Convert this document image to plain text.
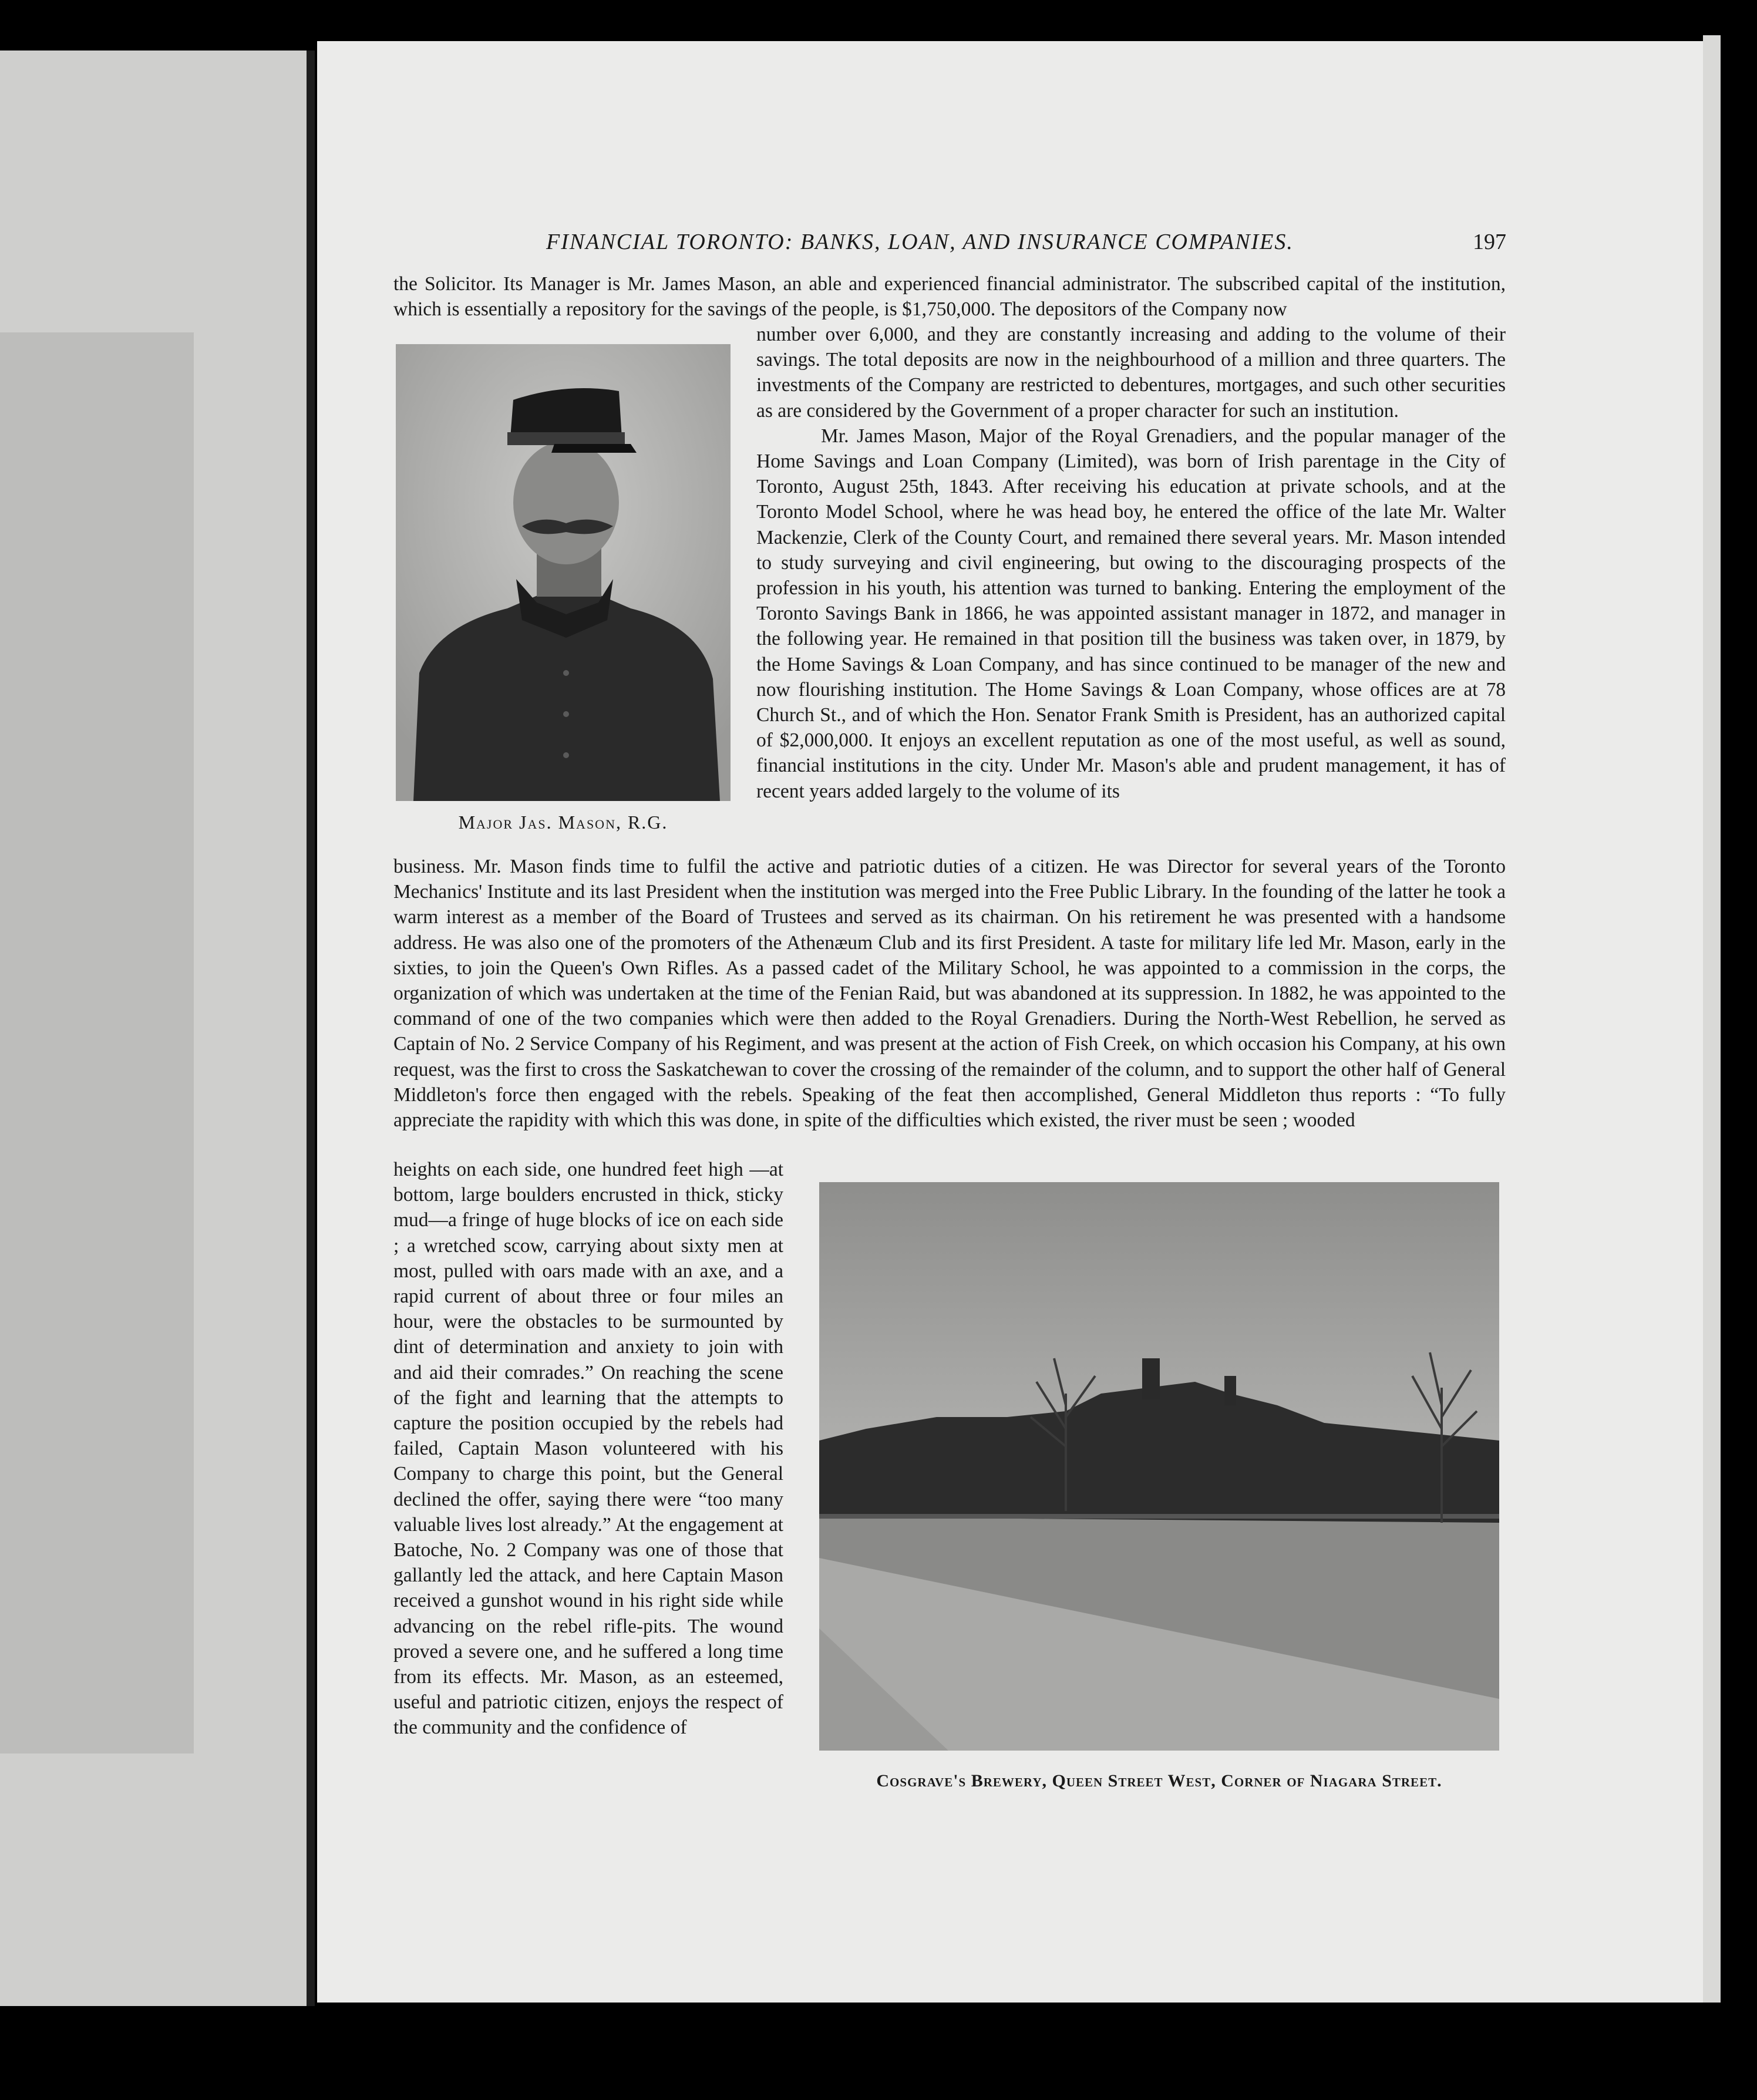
FINANCIAL TORONTO: BANKS, LOAN, AND INSURANCE COMPANIES.	197

the Solicitor. Its Manager is Mr. James Mason, an able and experienced financial administrator. The subscribed capital of the institution, which is essentially a repository for the savings of the people, is $1,750,000. The depositors of the Company now

Major Jas. Mason, R.G.

number over 6,000, and they are constantly increasing and adding to the volume of their savings. The total deposits are now in the neighbourhood of a million and three quarters. The investments of the Company are restricted to debentures, mortgages, and such other securities as are considered by the Government of a proper character for such an institution.

Mr. James Mason, Major of the Royal Grenadiers, and the popular manager of the Home Savings and Loan Company (Limited), was born of Irish parentage in the City of Toronto, August 25th, 1843. After receiving his education at private schools, and at the Toronto Model School, where he was head boy, he entered the office of the late Mr. Walter Mackenzie, Clerk of the County Court, and remained there several years. Mr. Mason intended to study surveying and civil engineering, but owing to the discouraging prospects of the profession in his youth, his attention was turned to banking. Entering the employment of the Toronto Savings Bank in 1866, he was appointed assistant manager in 1872, and manager in the following year. He remained in that position till the business was taken over, in 1879, by the Home Savings & Loan Company, and has since continued to be manager of the new and now flourishing institution. The Home Savings & Loan Company, whose offices are at 78 Church St., and of which the Hon. Senator Frank Smith is President, has an authorized capital of $2,000,000. It enjoys an excellent reputation as one of the most useful, as well as sound, financial institutions in the city. Under Mr. Mason's able and prudent management, it has of recent years added largely to the volume of its

business. Mr. Mason finds time to fulfil the active and patriotic duties of a citizen. He was Director for several years of the Toronto Mechanics' Institute and its last President when the institution was merged into the Free Public Library. In the founding of the latter he took a warm interest as a member of the Board of Trustees and served as its chairman. On his retirement he was presented with a handsome address. He was also one of the promoters of the Athenæum Club and its first President. A taste for military life led Mr. Mason, early in the sixties, to join the Queen's Own Rifles. As a passed cadet of the Military School, he was appointed to a commission in the corps, the organization of which was undertaken at the time of the Fenian Raid, but was abandoned at its suppression. In 1882, he was appointed to the command of one of the two companies which were then added to the Royal Grenadiers. During the North-West Rebellion, he served as Captain of No. 2 Service Company of his Regiment, and was present at the action of Fish Creek, on which occasion his Company, at his own request, was the first to cross the Saskatchewan to cover the crossing of the remainder of the column, and to support the other half of General Middleton's force then engaged with the rebels. Speaking of the feat then accomplished, General Middleton thus reports : “To fully appreciate the rapidity with which this was done, in spite of the difficulties which existed, the river must be seen ; wooded

heights on each side, one hundred feet high —at bottom, large boulders encrusted in thick, sticky mud—a fringe of huge blocks of ice on each side ; a wretched scow, carrying about sixty men at most, pulled with oars made with an axe, and a rapid current of about three or four miles an hour, were the obstacles to be surmounted by dint of determination and anxiety to join with and aid their comrades.” On reaching the scene of the fight and learning that the attempts to capture the position occupied by the rebels had failed, Captain Mason volunteered with his Company to charge this point, but the General declined the offer, saying there were “too many valuable lives lost already.” At the engagement at Batoche, No. 2 Company was one of those that gallantly led the attack, and here Captain Mason received a gunshot wound in his right side while advancing on the rebel rifle-pits. The wound proved a severe one, and he suffered a long time from its effects. Mr. Mason, as an esteemed, useful and patriotic citizen, enjoys the respect of the community and the confidence of

Cosgrave's Brewery, Queen Street West, Corner of Niagara Street.
